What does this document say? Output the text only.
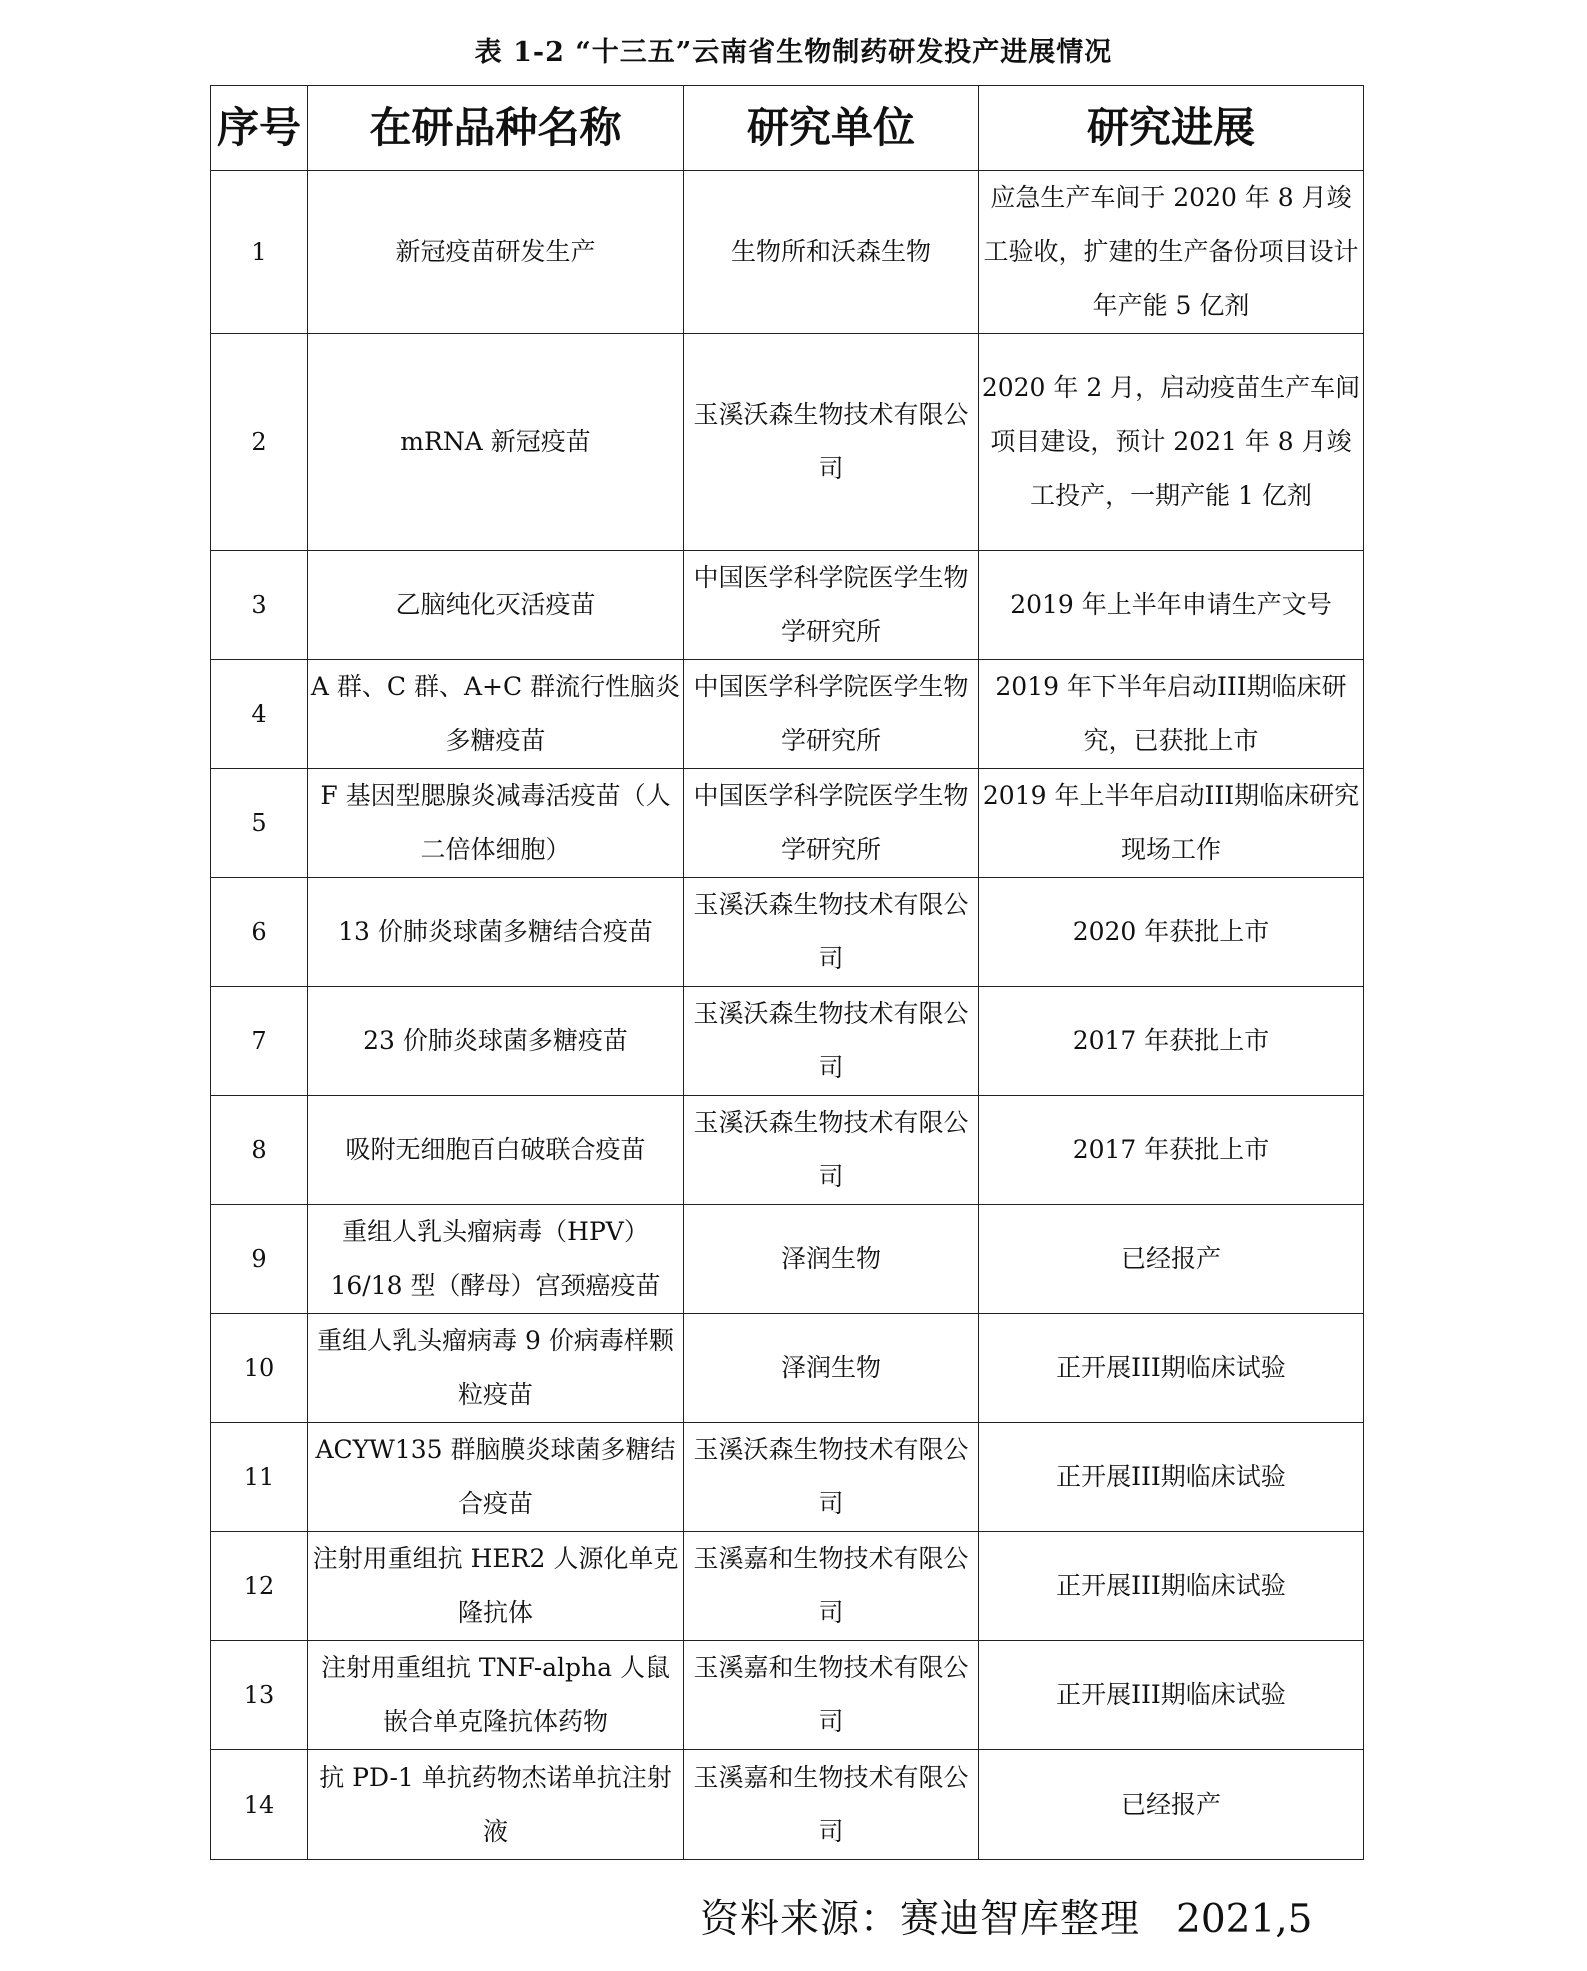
表 1-2 “十三五”云南省生物制药研发投产进展情况
序号	在研品种名称	研究单位	研究进展
1	新冠疫苗研发生产	生物所和沃森生物	应急生产车间于 2020 年 8 月竣工验收，扩建的生产备份项目设计年产能 5 亿剂
2	mRNA 新冠疫苗	玉溪沃森生物技术有限公司	2020 年 2 月，启动疫苗生产车间项目建设，预计 2021 年 8 月竣工投产，一期产能 1 亿剂
3	乙脑纯化灭活疫苗	中国医学科学院医学生物学研究所	2019 年上半年申请生产文号
4	A 群、C 群、A+C 群流行性脑炎多糖疫苗	中国医学科学院医学生物学研究所	2019 年下半年启动III期临床研究，已获批上市
5	F 基因型腮腺炎减毒活疫苗（人二倍体细胞）	中国医学科学院医学生物学研究所	2019 年上半年启动III期临床研究现场工作
6	13 价肺炎球菌多糖结合疫苗	玉溪沃森生物技术有限公司	2020 年获批上市
7	23 价肺炎球菌多糖疫苗	玉溪沃森生物技术有限公司	2017 年获批上市
8	吸附无细胞百白破联合疫苗	玉溪沃森生物技术有限公司	2017 年获批上市
9	重组人乳头瘤病毒（HPV）16/18 型（酵母）宫颈癌疫苗	泽润生物	已经报产
10	重组人乳头瘤病毒 9 价病毒样颗粒疫苗	泽润生物	正开展III期临床试验
11	ACYW135 群脑膜炎球菌多糖结合疫苗	玉溪沃森生物技术有限公司	正开展III期临床试验
12	注射用重组抗 HER2 人源化单克隆抗体	玉溪嘉和生物技术有限公司	正开展III期临床试验
13	注射用重组抗 TNF-alpha 人鼠嵌合单克隆抗体药物	玉溪嘉和生物技术有限公司	正开展III期临床试验
14	抗 PD-1 单抗药物杰诺单抗注射液	玉溪嘉和生物技术有限公司	已经报产
资料来源：赛迪智库整理 2021,5
